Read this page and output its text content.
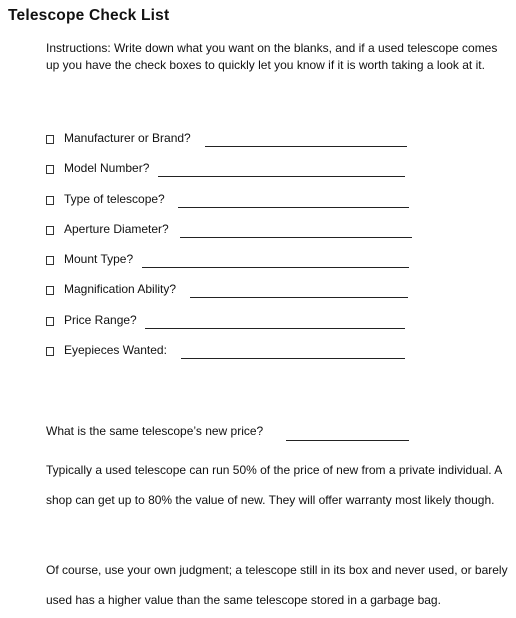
Telescope Check List
Instructions: Write down what you want on the blanks, and if a used telescope comes up you have the check boxes to quickly let you know if it is worth taking a look at it.
Manufacturer or Brand?
Model Number?
Type of telescope?
Aperture Diameter?
Mount Type?
Magnification Ability?
Price Range?
Eyepieces Wanted:
What is the same telescope’s new price?

Typically a used telescope can run 50% of the price of new from a private individual. A shop can get up to 80% the value of new. They will offer warranty most likely though.

Of course, use your own judgment; a telescope still in its box and never used, or barely used has a higher value than the same telescope stored in a garbage bag.
